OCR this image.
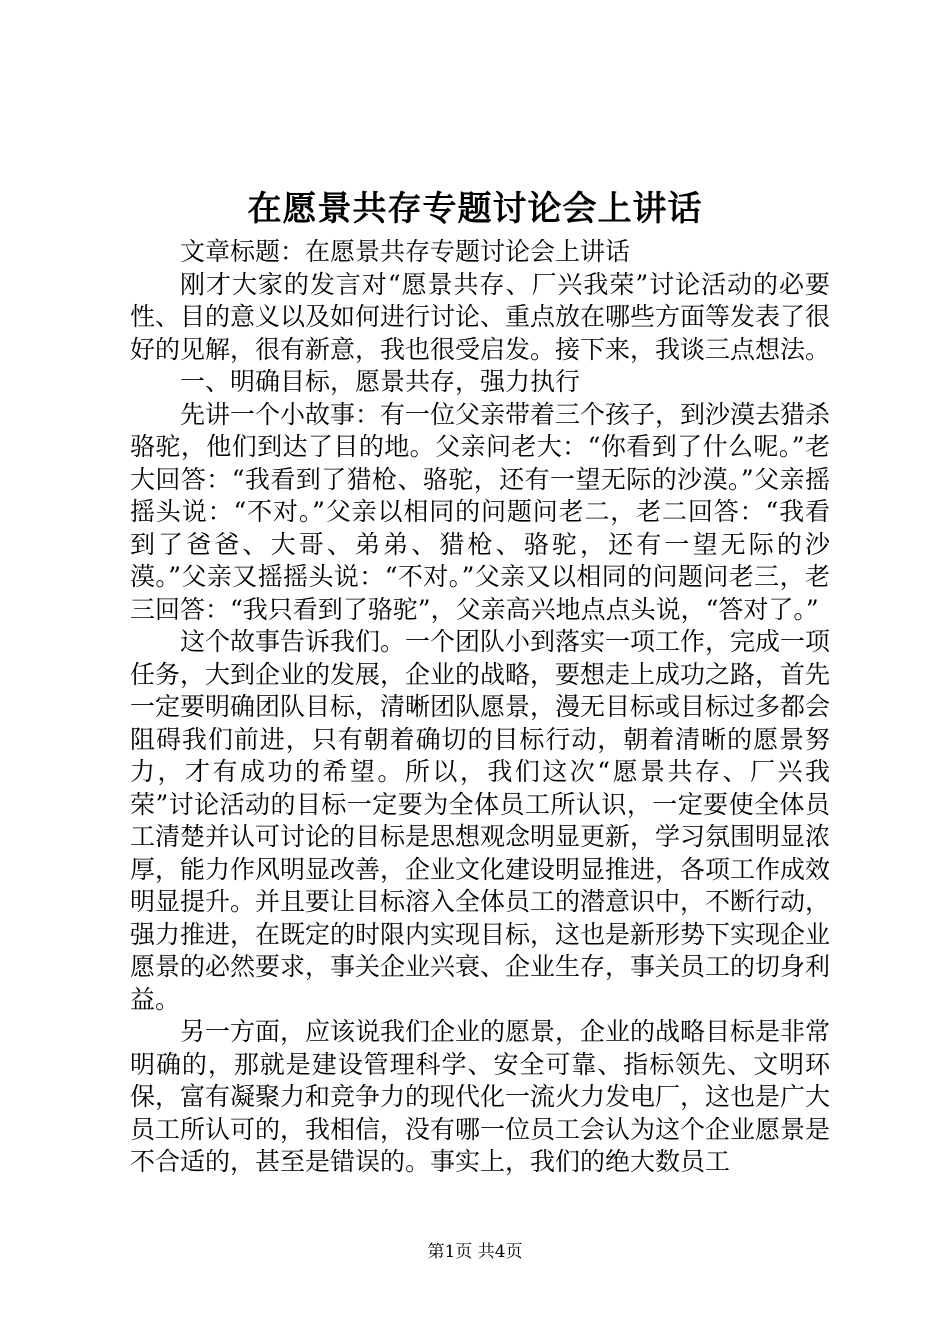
在愿景共存专题讨论会上讲话

文章标题：在愿景共存专题讨论会上讲话

刚才大家的发言对“愿景共存、厂兴我荣”讨论活动的必要性、目的意义以及如何进行讨论、重点放在哪些方面等发表了很好的见解，很有新意，我也很受启发。接下来，我谈三点想法。

一、明确目标，愿景共存，强力执行

先讲一个小故事：有一位父亲带着三个孩子，到沙漠去猎杀骆驼，他们到达了目的地。父亲问老大：“你看到了什么呢。”老大回答：“我看到了猎枪、骆驼，还有一望无际的沙漠。”父亲摇摇头说：“不对。”父亲以相同的问题问老二，老二回答：“我看到了爸爸、大哥、弟弟、猎枪、骆驼，还有一望无际的沙漠。”父亲又摇摇头说：“不对。”父亲又以相同的问题问老三，老三回答：“我只看到了骆驼”，父亲高兴地点点头说，“答对了。”

这个故事告诉我们。一个团队小到落实一项工作，完成一项任务，大到企业的发展，企业的战略，要想走上成功之路，首先一定要明确团队目标，清晰团队愿景，漫无目标或目标过多都会阻碍我们前进，只有朝着确切的目标行动，朝着清晰的愿景努力，才有成功的希望。所以，我们这次“愿景共存、厂兴我荣”讨论活动的目标一定要为全体员工所认识，一定要使全体员工清楚并认可讨论的目标是思想观念明显更新，学习氛围明显浓厚，能力作风明显改善，企业文化建设明显推进，各项工作成效明显提升。并且要让目标溶入全体员工的潜意识中，不断行动，强力推进，在既定的时限内实现目标，这也是新形势下实现企业愿景的必然要求，事关企业兴衰、企业生存，事关员工的切身利益。

另一方面，应该说我们企业的愿景，企业的战略目标是非常明确的，那就是建设管理科学、安全可靠、指标领先、文明环保，富有凝聚力和竞争力的现代化一流火力发电厂，这也是广大员工所认可的，我相信，没有哪一位员工会认为这个企业愿景是不合适的，甚至是错误的。事实上，我们的绝大数员工

第1页 共4页
